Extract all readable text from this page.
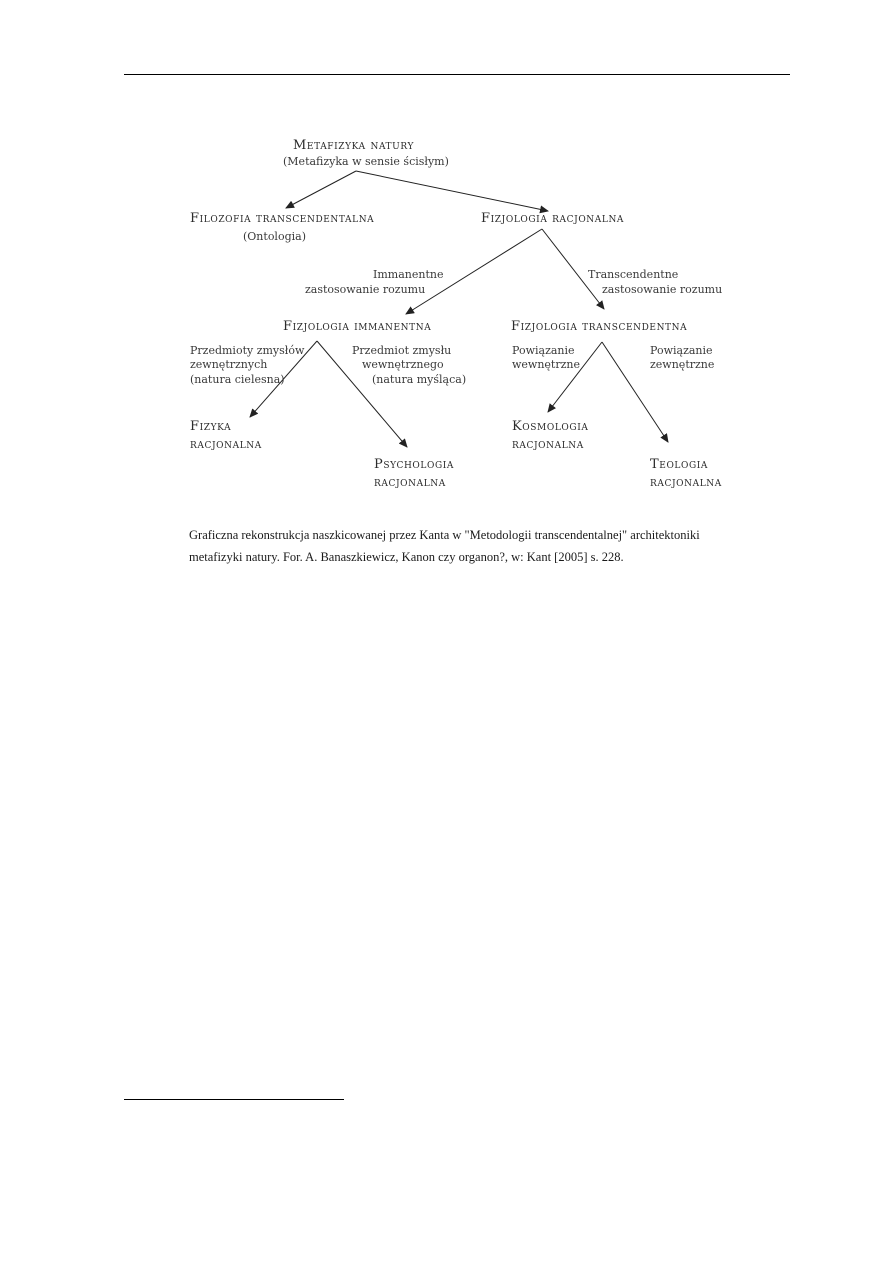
Metafizyka natury
(Metafizyka w sensie ścisłym)
Filozofia transcendentalna
(Ontologia)
Fizjologia racjonalna
Immanentne
zastosowanie rozumu
Transcendentne
zastosowanie rozumu
Fizjologia immanentna	Fizjologia transcendentna
Przedmioty zmysłów
zewnętrznych
(natura cielesna)
Przedmiot zmysłu
wewnętrznego
(natura myśląca)
Powiązanie
wewnętrzne
Powiązanie
zewnętrzne
Fizyka
racjonalna
Psychologia
racjonalna
Kosmologia
racjonalna
Teologia
racjonalna
Graficzna rekonstrukcja naszkicowanej przez Kanta w "Metodologii transcendentalnej" architektoniki
metafizyki natury. For. A. Banaszkiewicz, Kanon czy organon?, w: Kant [2005] s. 228.
